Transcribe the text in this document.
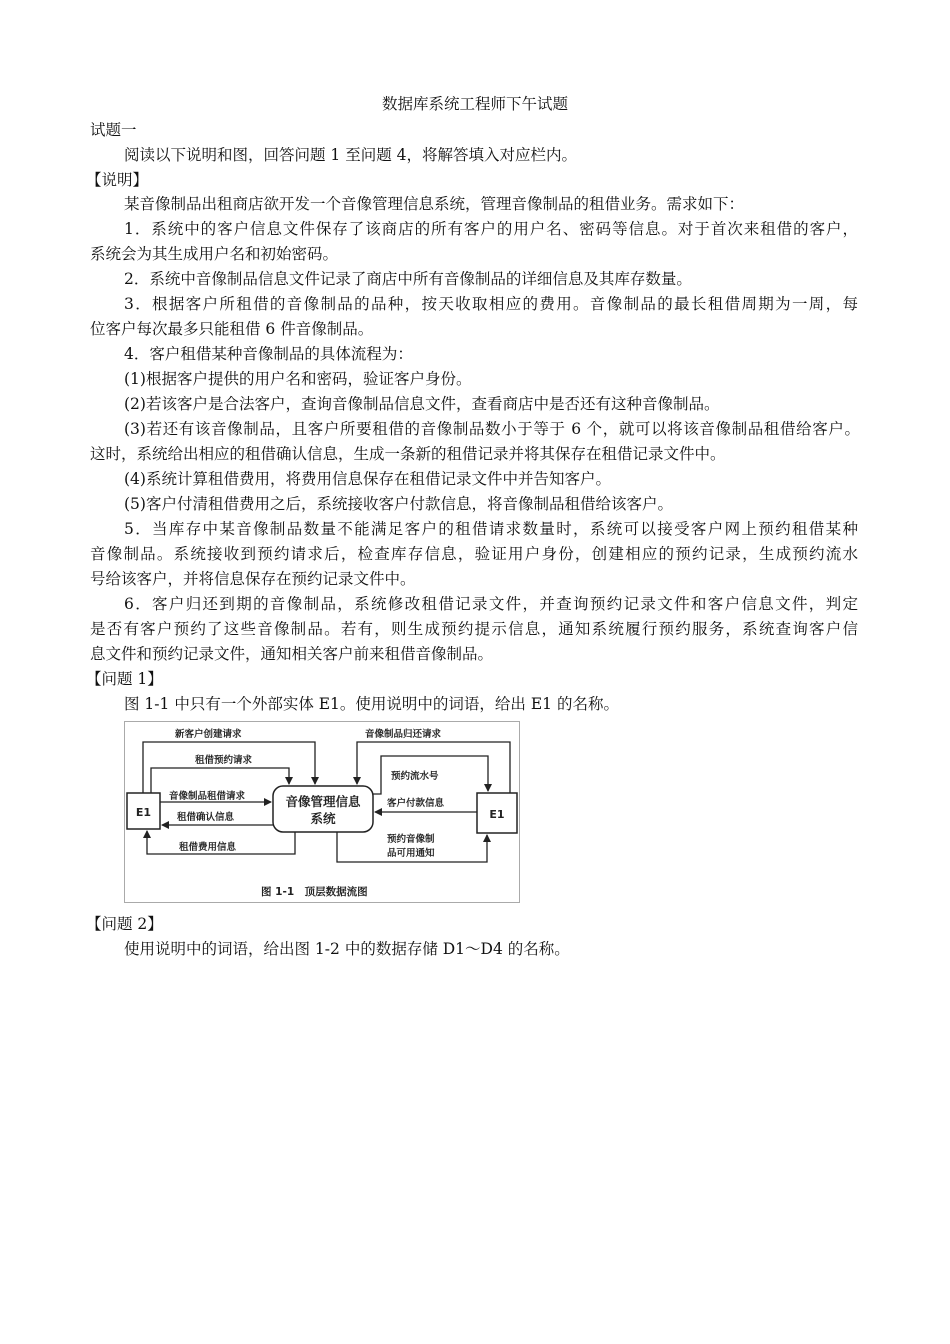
数据库系统工程师下午试题
试题一
阅读以下说明和图，回答问题 1 至问题 4，将解答填入对应栏内。
【说明】
某音像制品出租商店欲开发一个音像管理信息系统，管理音像制品的租借业务。需求如下：
1．系统中的客户信息文件保存了该商店的所有客户的用户名、密码等信息。对于首次来租借的客户，
系统会为其生成用户名和初始密码。
2．系统中音像制品信息文件记录了商店中所有音像制品的详细信息及其库存数量。
3．根据客户所租借的音像制品的品种，按天收取相应的费用。音像制品的最长租借周期为一周，每
位客户每次最多只能租借 6 件音像制品。
4．客户租借某种音像制品的具体流程为：
(1)根据客户提供的用户名和密码，验证客户身份。
(2)若该客户是合法客户，查询音像制品信息文件，查看商店中是否还有这种音像制品。
(3)若还有该音像制品，且客户所要租借的音像制品数小于等于 6 个，就可以将该音像制品租借给客户。
这时，系统给出相应的租借确认信息，生成一条新的租借记录并将其保存在租借记录文件中。
(4)系统计算租借费用，将费用信息保存在租借记录文件中并告知客户。
(5)客户付清租借费用之后，系统接收客户付款信息，将音像制品租借给该客户。
5．当库存中某音像制品数量不能满足客户的租借请求数量时，系统可以接受客户网上预约租借某种
音像制品。系统接收到预约请求后，检查库存信息，验证用户身份，创建相应的预约记录，生成预约流水
号给该客户，并将信息保存在预约记录文件中。
6．客户归还到期的音像制品，系统修改租借记录文件，并查询预约记录文件和客户信息文件，判定
是否有客户预约了这些音像制品。若有，则生成预约提示信息，通知系统履行预约服务，系统查询客户信
息文件和预约记录文件，通知相关客户前来租借音像制品。
【问题 1】
图 1-1 中只有一个外部实体 E1。使用说明中的词语，给出 E1 的名称。
E1	E1
音像管理信息
系统
新客户创建请求
租借预约请求
音像制品租借请求
租借确认信息
租借费用信息
音像制品归还请求
预约流水号
客户付款信息
预约音像制
品可用通知
图 1-1　顶层数据流图
【问题 2】
使用说明中的词语，给出图 1-2 中的数据存储 D1～D4 的名称。
